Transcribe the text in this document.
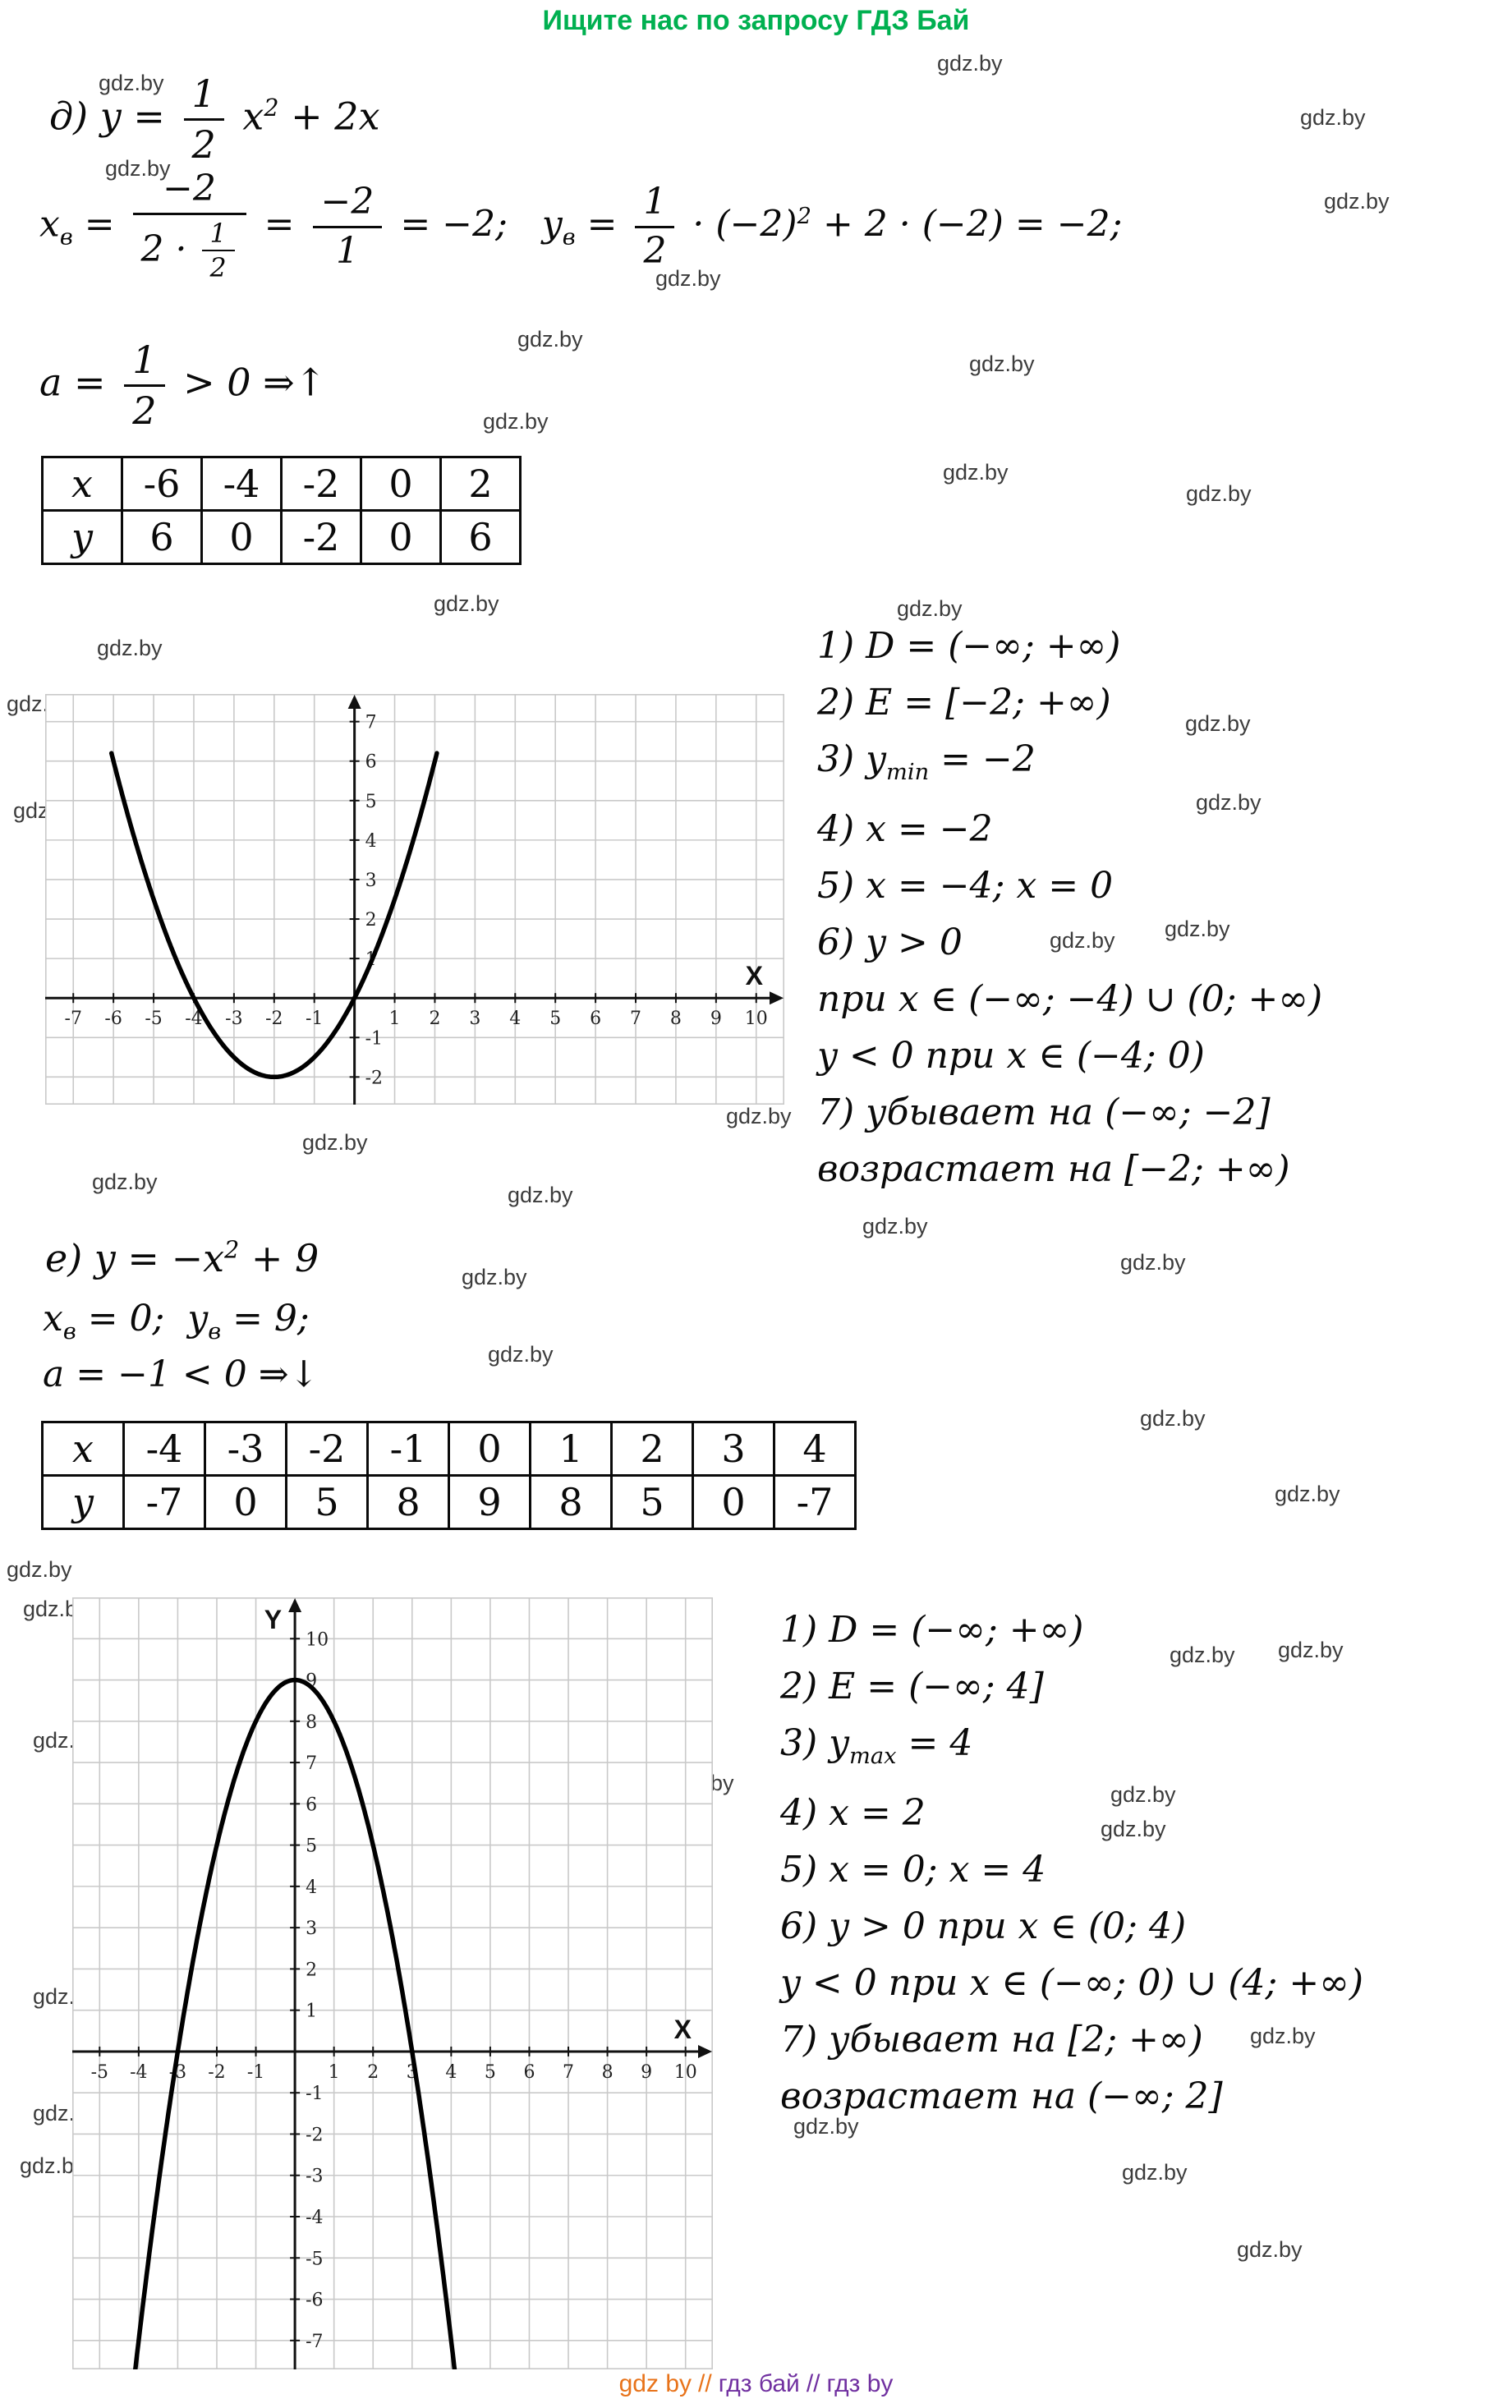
Ищите нас по запросу ГДЗ Бай
gdz.by
gdz.by
gdz.by
gdz.by
gdz.by
gdz.by
gdz.by
gdz.by
gdz.by
gdz.by
gdz.by
gdz.by	gdz.by
gdz.by
gdz.by
gdz.by
gdz.by	gdz.by
gdz.by gdz.by
gdz.by
gdz.by
gdz.by
gdz.by
gdz.by
gdz.by
gdz.by
gdz.by
gdz.by
gdz.by
gdz.by
gdz.by
gdz.by
gdz.by
gdz.by gdz.by
gdz.by
gdz.by
gdz.by
gdz.by
gdz.by
gdz.by
gdz.by
gdz.by	gdz.by
gdz.by
gdz.by	gdz.by
д) $y = \frac{1}{2} x^2 + 2x$
$x_в = \frac{-2}{2 \cdot \frac{1}{2}} = \frac{-2}{1} = -2$;   $y_в = \frac{1}{2} \cdot (-2)^2 + 2 \cdot (-2) = -2$;
$a = \frac{1}{2} > 0$ ⇒↑
x	-6	-4	-2	0	2
y	6	0	-2	0	6
-7 -6 -5 -4 -3 -2 -1	1 2 3 4 5 6 7 8 9 10
-2
-1
1
2
3
4
5
6
7
X
1) D = (−∞; +∞)
2) E = [−2; +∞)
3) $y_{min} = -2$
4) x = −2
5) x = −4; x = 0
6) y > 0
при x ∈ (−∞; −4) ∪ (0; +∞)
y < 0 при x ∈ (−4; 0)
7) убывает на (−∞; −2]
возрастает на [−2; +∞)
е) $y = -x^2 + 9$
$x_в = 0$;  $y_в = 9$;
a = −1 < 0 ⇒↓
x	-4	-3	-2	-1	0	1	2	3	4
y	-7	0	5	8	9	8	5	0	-7
-5 -4 -3 -2 -1	1 2 3 4 5 6 7 8 9 10
-7
-6
-5
-4
-3
-2
-1
1
2
3
4
5
6
7
8
9
10
X
Y	1) D = (−∞; +∞)
2) E = (−∞; 4]
3) $y_{max} = 4$
4) x = 2
5) x = 0; x = 4
6) y > 0 при x ∈ (0; 4)
y < 0 при x ∈ (−∞; 0) ∪ (4; +∞)
7) убывает на [2; +∞)
возрастает на (−∞; 2]
gdz by // гдз бай // гдз by
